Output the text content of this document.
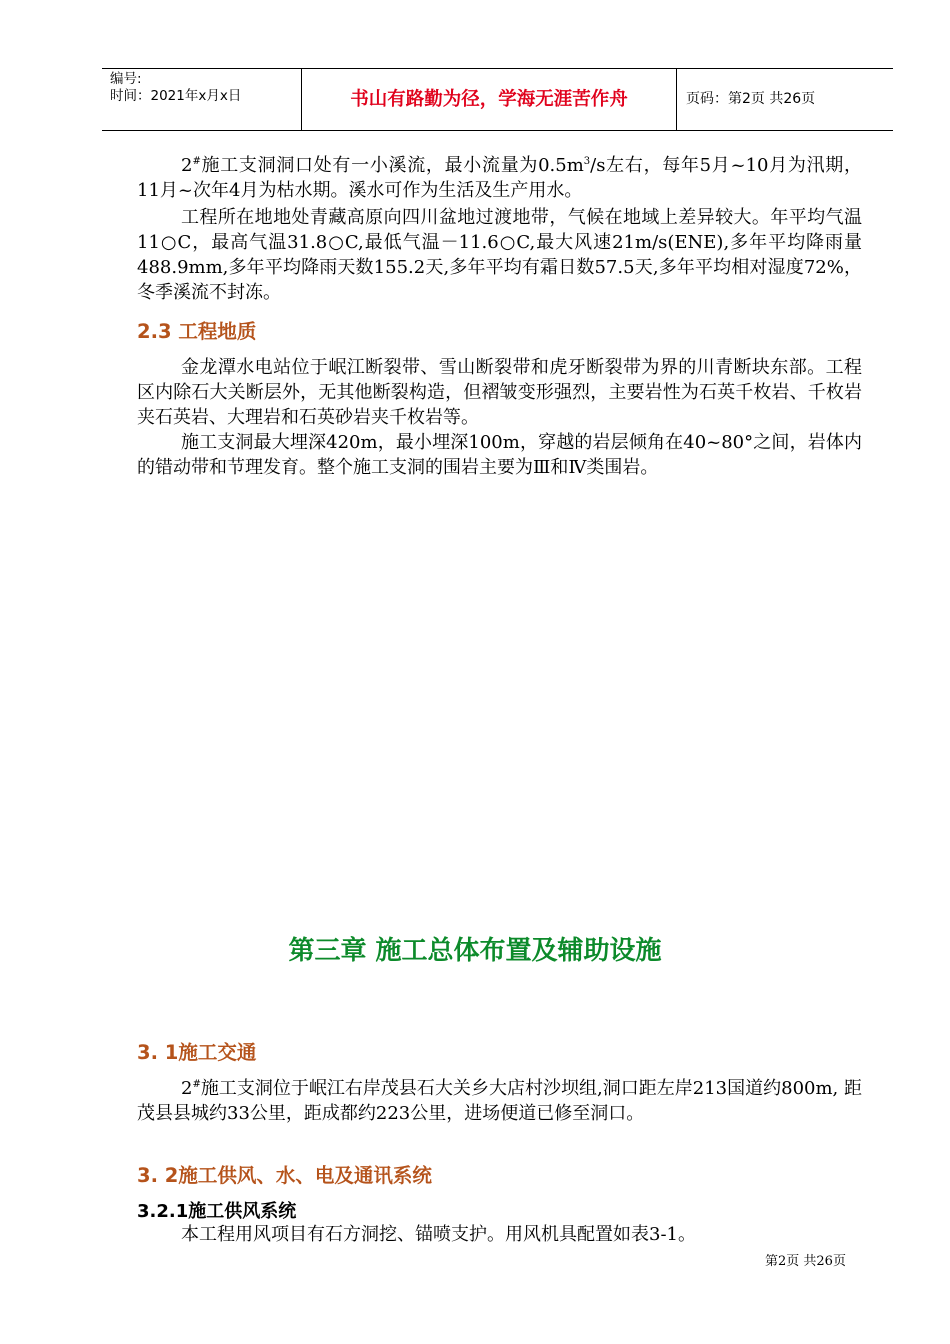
编号:
时间：2021年x月x日	书山有路勤为径，学海无涯苦作舟	页码：第2页 共26页
2#施工支洞洞口处有一小溪流，最小流量为$0.5m^3/s$左右，每年5月~10月为汛期，11月~次年4月为枯水期。溪水可作为生活及生产用水。
工程所在地地处青藏高原向四川盆地过渡地带，气候在地域上差异较大。年平均气温11○C，最高气温31.8○C,最低气温－11.6○C,最大风速21m/s(ENE),多年平均降雨量488.9mm,多年平均降雨天数155.2天,多年平均有霜日数57.5天,多年平均相对湿度72%，冬季溪流不封冻。
2.3 工程地质
金龙潭水电站位于岷江断裂带、雪山断裂带和虎牙断裂带为界的川青断块东部。工程区内除石大关断层外，无其他断裂构造，但褶皱变形强烈，主要岩性为石英千枚岩、千枚岩夹石英岩、大理岩和石英砂岩夹千枚岩等。
施工支洞最大埋深420m，最小埋深100m，穿越的岩层倾角在40~80°之间，岩体内的错动带和节理发育。整个施工支洞的围岩主要为Ⅲ和Ⅳ类围岩。
第三章 施工总体布置及辅助设施
3. 1施工交通
2#施工支洞位于岷江右岸茂县石大关乡大店村沙坝组,洞口距左岸213国道约800m, 距茂县县城约33公里，距成都约223公里，进场便道已修至洞口。
3. 2施工供风、水、电及通讯系统
3.2.1施工供风系统
本工程用风项目有石方洞挖、锚喷支护。用风机具配置如表3-1。
第2页 共26页
